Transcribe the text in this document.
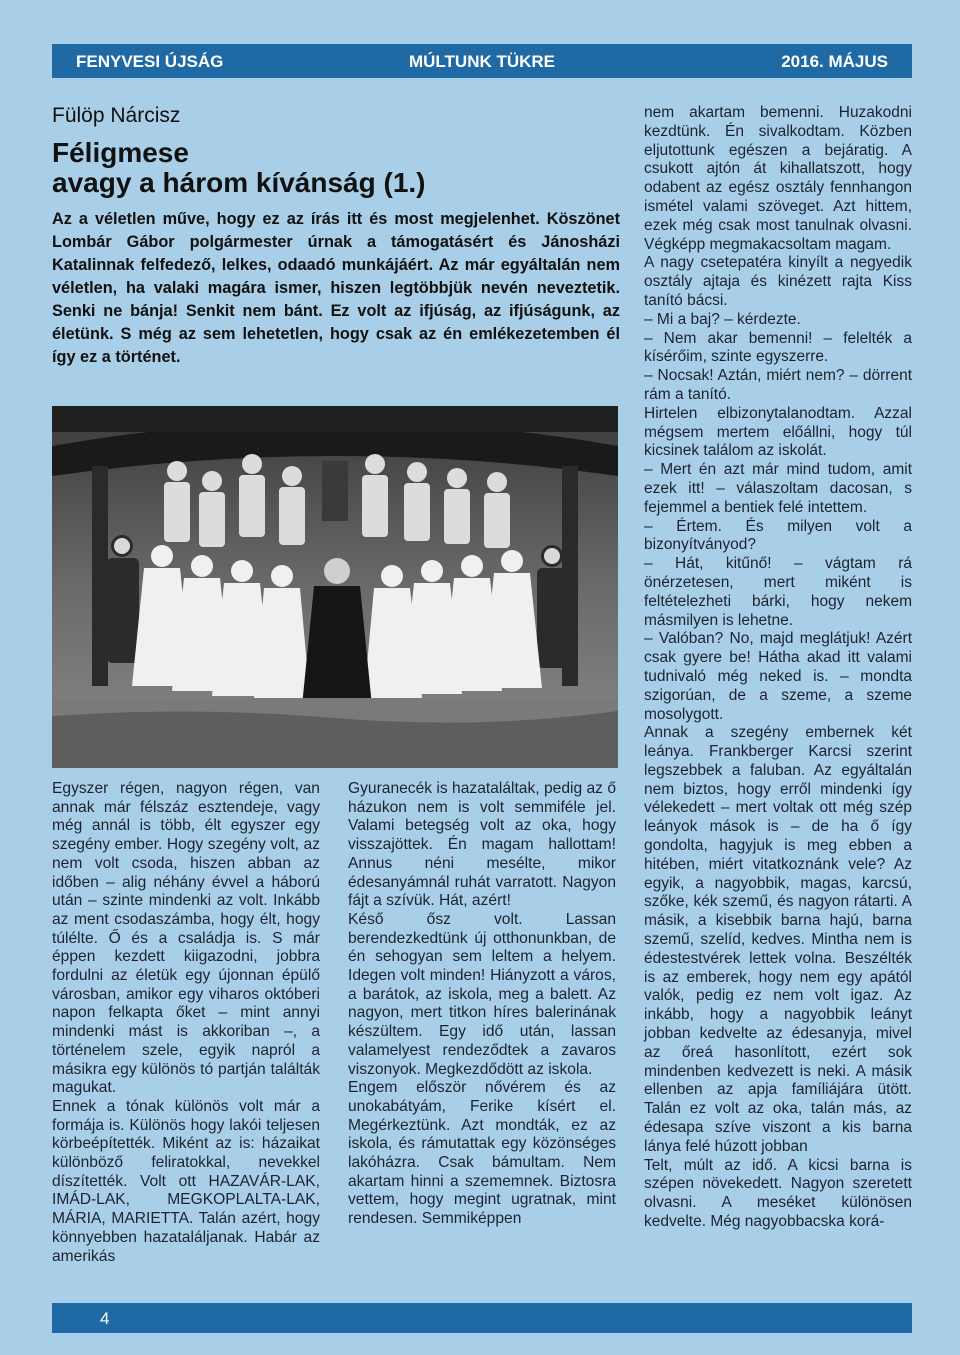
FENYVESI ÚJSÁG	MÚLTUNK TÜKRE	2016. MÁJUS
Fülöp Nárcisz
Féligmese
avagy a három kívánság (1.)
Az a véletlen műve, hogy ez az írás itt és most megjelenhet. Köszönet Lombár Gábor polgármester úrnak a támogatásért és Jánosházi Katalinnak felfedező, lelkes, odaadó munkájáért. Az már egyáltalán nem véletlen, ha valaki magára ismer, hiszen legtöbbjük nevén neveztetik. Senki ne bánja! Senkit nem bánt. Ez volt az ifjúság, az ifjúságunk, az életünk. S még az sem lehetetlen, hogy csak az én emlékezetemben él így ez a történet.

Egyszer régen, nagyon régen, van annak már félszáz esztendeje, vagy még annál is több, élt egyszer egy szegény ember. Hogy szegény volt, az nem volt csoda, hiszen abban az időben – alig néhány évvel a háború után – szinte mindenki az volt. Inkább az ment csodaszámba, hogy élt, hogy túlélte. Ő és a családja is. S már éppen kezdett kiigazodni, jobbra fordulni az életük egy újonnan épülő városban, amikor egy viharos októberi napon felkapta őket – mint annyi mindenki mást is akkoriban –, a történelem szele, egyik napról a másikra egy különös tó partján találták magukat.

Ennek a tónak különös volt már a formája is. Különös hogy lakói teljesen körbeépítették. Miként az is: házaikat különböző feliratokkal, nevekkel díszítették. Volt ott HAZAVÁR-LAK, IMÁD-LAK, MEGKOPLALTA-LAK, MÁRIA, MARIETTA. Talán azért, hogy könnyebben hazataláljanak. Habár az amerikás

Gyuranecék is hazataláltak, pedig az ő házukon nem is volt semmiféle jel. Valami betegség volt az oka, hogy visszajöttek. Én magam hallottam! Annus néni mesélte, mikor édesanyámnál ruhát varratott. Nagyon fájt a szívük. Hát, azért!

Késő ősz volt. Lassan berendezkedtünk új otthonunkban, de én sehogyan sem leltem a helyem. Idegen volt minden! Hiányzott a város, a barátok, az iskola, meg a balett. Az nagyon, mert titkon híres balerinának készültem. Egy idő után, lassan valamelyest rendeződtek a zavaros viszonyok. Megkezdődött az iskola.

Engem először nővérem és az unokabátyám, Ferike kísért el. Megérkeztünk. Azt mondták, ez az iskola, és rámutattak egy közönséges lakóházra. Csak bámultam. Nem akartam hinni a szememnek. Biztosra vettem, hogy megint ugratnak, mint rendesen. Semmiképpen

nem akartam bemenni. Huzakodni kezdtünk. Én sivalkodtam. Közben eljutottunk egészen a bejáratig. A csukott ajtón át kihallatszott, hogy odabent az egész osztály fennhangon ismétel valami szöveget. Azt hittem, ezek még csak most tanulnak olvasni. Végképp megmakacsoltam magam.

A nagy csetepatéra kinyílt a negyedik osztály ajtaja és kinézett rajta Kiss tanító bácsi.

– Mi a baj? – kérdezte.

– Nem akar bemenni! – felelték a kísérőim, szinte egyszerre.

– Nocsak! Aztán, miért nem? – dörrent rám a tanító.

Hirtelen elbizonytalanodtam. Azzal mégsem mertem előállni, hogy túl kicsinek találom az iskolát.

– Mert én azt már mind tudom, amit ezek itt! – válaszoltam dacosan, s fejemmel a bentiek felé intettem.

– Értem. És milyen volt a bizonyítványod?

– Hát, kitűnő! – vágtam rá önérzetesen, mert miként is feltételezheti bárki, hogy nekem másmilyen is lehetne.

– Valóban? No, majd meglátjuk! Azért csak gyere be! Hátha akad itt valami tudnivaló még neked is. – mondta szigorúan, de a szeme, a szeme mosolygott.

Annak a szegény embernek két leánya. Frankberger Karcsi szerint legszebbek a faluban. Az egyáltalán nem biztos, hogy erről mindenki így vélekedett – mert voltak ott még szép leányok mások is – de ha ő így gondolta, hagyjuk is meg ebben a hitében, miért vitatkoznánk vele? Az egyik, a nagyobbik, magas, karcsú, szőke, kék szemű, és nagyon rátarti. A másik, a kisebbik barna hajú, barna szemű, szelíd, kedves. Mintha nem is édestestvérek lettek volna. Beszélték is az emberek, hogy nem egy apától valók, pedig ez nem volt igaz. Az inkább, hogy a nagyobbik leányt jobban kedvelte az édesanyja, mivel az őreá hasonlított, ezért sok mindenben kedvezett is neki. A másik ellenben az apja famíliájára ütött. Talán ez volt az oka, talán más, az édesapa szíve viszont a kis barna lánya felé húzott jobban

Telt, múlt az idő. A kicsi barna is szépen növekedett. Nagyon szeretett olvasni. A meséket különösen kedvelte. Még nagyobbacska korá-

4
